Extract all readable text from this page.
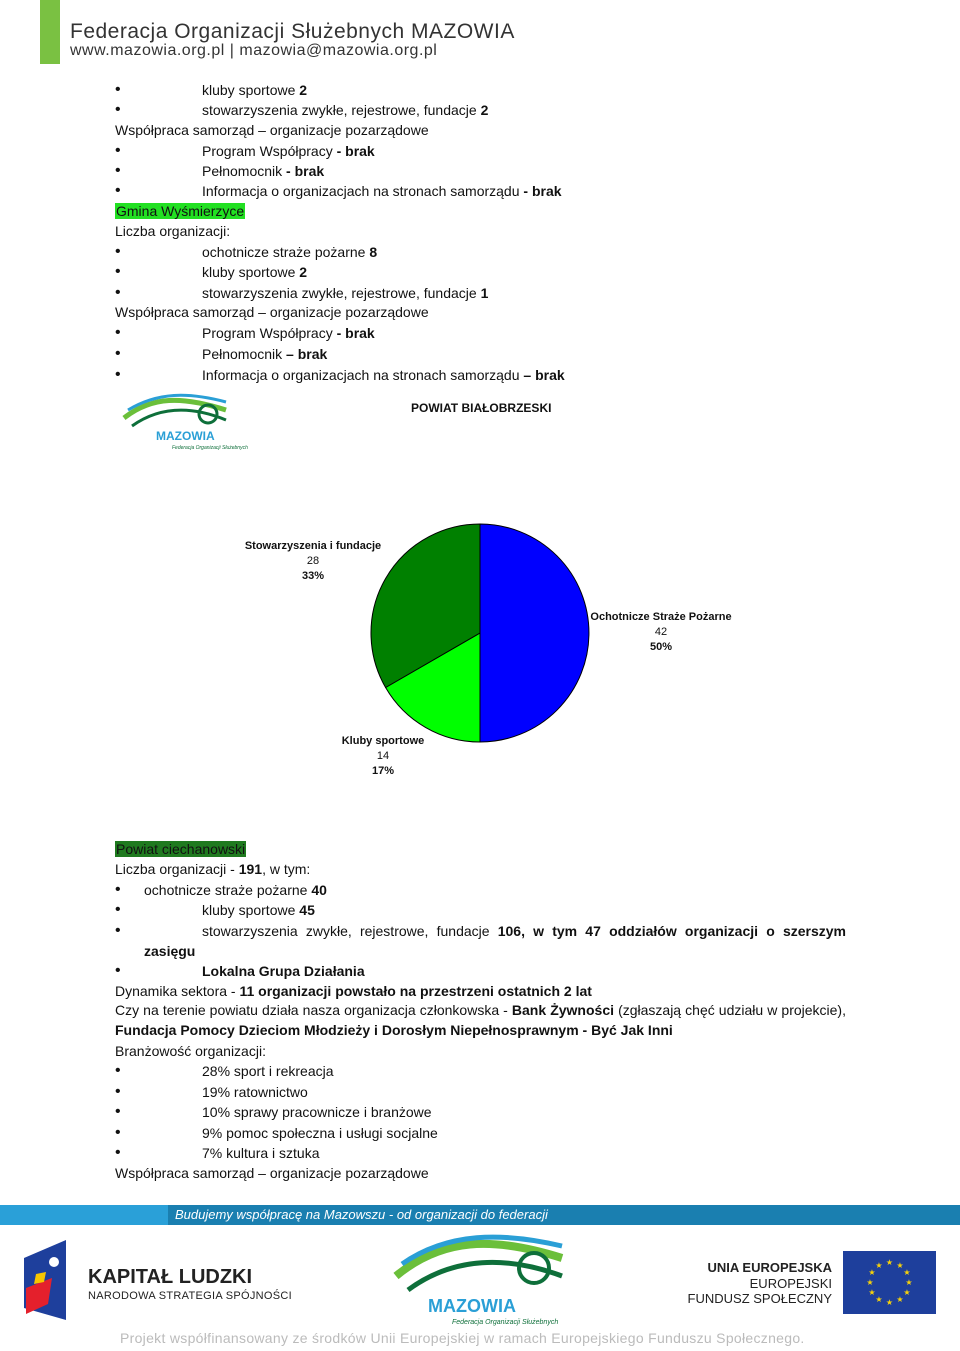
Federacja Organizacji Służebnych MAZOWIA
www.mazowia.org.pl | mazowia@mazowia.org.pl
kluby sportowe 2
stowarzyszenia zwykłe, rejestrowe, fundacje 2
Współpraca samorząd – organizacje pozarządowe
Program Współpracy - brak
Pełnomocnik - brak
Informacja o organizacjach na stronach samorządu - brak
Gmina Wyśmierzyce
Liczba organizacji:
ochotnicze straże pożarne 8
kluby sportowe 2
stowarzyszenia zwykłe, rejestrowe, fundacje 1
Współpraca samorząd – organizacje pozarządowe
Program Współpracy - brak
Pełnomocnik – brak
Informacja o organizacjach na stronach samorządu – brak
MAZOWIA
Federacja Organizacji Służebnych
POWIAT BIAŁOBRZESKI
Stowarzyszenia i fundacje
28
33%
Ochotnicze Straże Pożarne
42
50%
Kluby sportowe
14
17%
Powiat ciechanowski
Liczba organizacji - 191, w tym:
ochotnicze straże pożarne 40
kluby sportowe 45
stowarzyszenia zwykłe, rejestrowe, fundacje 106, w tym 47 oddziałów organizacji o szerszym
zasięgu
Lokalna Grupa Działania
Dynamika sektora - 11 organizacji powstało na przestrzeni ostatnich 2 lat
Czy na terenie powiatu działa nasza organizacja członkowska - Bank Żywności (zgłaszają chęć udziału w projekcie), Fundacja Pomocy Dzieciom Młodzieży i Dorosłym Niepełnosprawnym - Być Jak Inni
Branżowość organizacji:
28% sport i rekreacja
19% ratownictwo
10% sprawy pracownicze i branżowe
9% pomoc społeczna i usługi socjalne
7% kultura i sztuka
Współpraca samorząd – organizacje pozarządowe
Budujemy współpracę na Mazowszu - od organizacji do federacji
KAPITAŁ LUDZKI
NARODOWA STRATEGIA SPÓJNOŚCI	MAZOWIA
Federacja Organizacji Służebnych
UNIA EUROPEJSKA
EUROPEJSKI
FUNDUSZ SPOŁECZNY
★ ★
★
★
★
★
★
★
★
★
★
★
Projekt współfinansowany ze środków Unii Europejskiej w ramach Europejskiego Funduszu Społecznego.
